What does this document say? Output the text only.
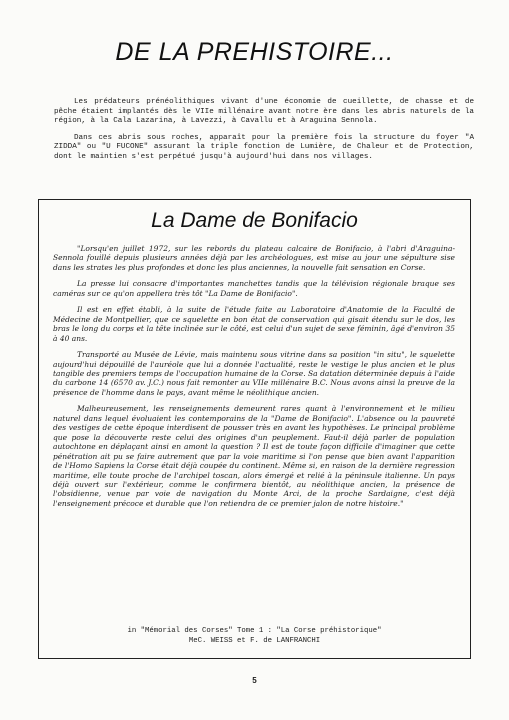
DE LA PREHISTOIRE...

Les prédateurs prénéolithiques vivant d'une économie de cueillette, de chasse et de pêche étaient implantés dès le VIIe millénaire avant notre ère dans les abris naturels de la région, à la Cala Lazarina, à Lavezzi, à Cavallu et à Araguina Sennola.

Dans ces abris sous roches, apparaît pour la première fois la structure du foyer "A ZIDDA" ou "U FUCONE" assurant la triple fonction de Lumière, de Chaleur et de Protection, dont le maintien s'est perpétué jusqu'à aujourd'hui dans nos villages.

La Dame de Bonifacio

"Lorsqu'en juillet 1972, sur les rebords du plateau calcaire de Bonifacio, à l'abri d'Araguina-Sennola fouillé depuis plusieurs années déjà par les archéologues, est mise au jour une sépulture sise dans les strates les plus profondes et donc les plus anciennes, la nouvelle fait sensation en Corse.

La presse lui consacre d'importantes manchettes tandis que la télévision régionale braque ses caméras sur ce qu'on appellera très tôt "La Dame de Bonifacio".

Il est en effet établi, à la suite de l'étude faite au Laboratoire d'Anatomie de la Faculté de Médecine de Montpellier, que ce squelette en bon état de conservation qui gisait étendu sur le dos, les bras le long du corps et la tête inclinée sur le côté, est celui d'un sujet de sexe féminin, âgé d'environ 35 à 40 ans.

Transporté au Musée de Lévie, mais maintenu sous vitrine dans sa position "in situ", le squelette aujourd'hui dépouillé de l'auréole que lui a donnée l'actualité, reste le vestige le plus ancien et le plus tangible des premiers temps de l'occupation humaine de la Corse. Sa datation déterminée depuis à l'aide du carbone 14 (6570 av. J.C.) nous fait remonter au VIIe millénaire B.C. Nous avons ainsi la preuve de la présence de l'homme dans le pays, avant même le néolithique ancien.

Malheureusement, les renseignements demeurent rares quant à l'environnement et le milieu naturel dans lequel évoluaient les contemporains de la "Dame de Bonifacio". L'absence ou la pauvreté des vestiges de cette époque interdisent de pousser très en avant les hypothèses. Le principal problème que pose la découverte reste celui des origines d'un peuplement. Faut-il déjà parler de population autochtone en déplaçant ainsi en amont la question ? Il est de toute façon difficile d'imaginer que cette pénétration ait pu se faire autrement que par la voie maritime si l'on pense que bien avant l'apparition de l'Homo Sapiens la Corse était déjà coupée du continent. Même si, en raison de la dernière regression maritime, elle toute proche de l'archipel toscan, alors émergé et relié à la péninsule italienne. Un pays déjà ouvert sur l'extérieur, comme le confirmera bientôt, au néolithique ancien, la présence de l'obsidienne, venue par voie de navigation du Monte Arci, de la proche Sardaigne, c'est déjà l'enseignement précoce et durable que l'on retiendra de ce premier jalon de notre histoire."

in "Mémorial des Corses" Tome 1 : "La Corse préhistorique"
MeC. WEISS et F. de LANFRANCHI
5
